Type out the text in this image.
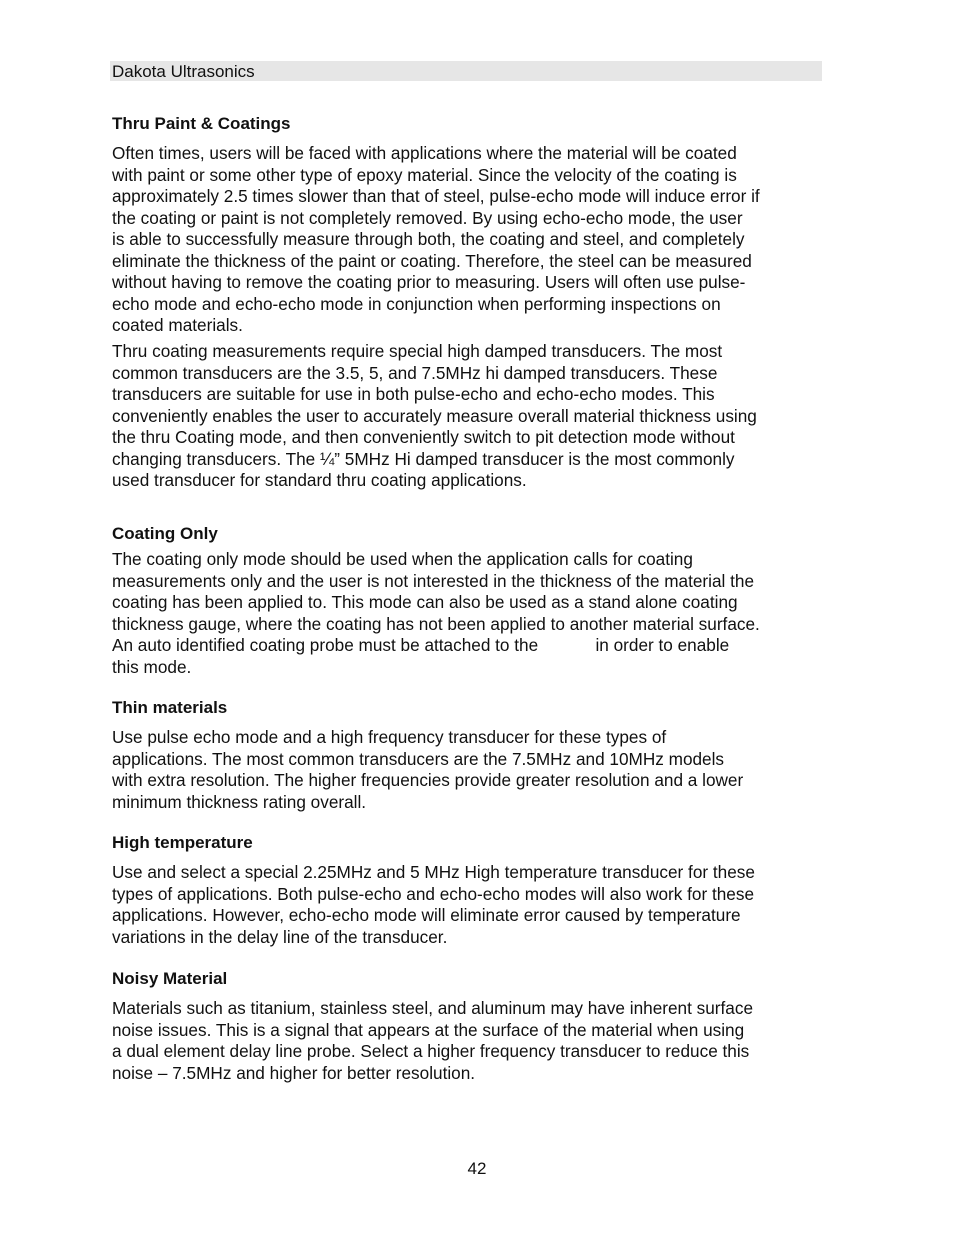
Dakota Ultrasonics
Thru Paint & Coatings
Often times, users will be faced with applications where the material will be coated
with paint or some other type of epoxy material. Since the velocity of the coating is
approximately 2.5 times slower than that of steel, pulse-echo mode will induce error if
the coating or paint is not completely removed. By using echo-echo mode, the user
is able to successfully measure through both, the coating and steel, and completely
eliminate the thickness of the paint or coating. Therefore, the steel can be measured
without having to remove the coating prior to measuring. Users will often use pulse-
echo mode and echo-echo mode in conjunction when performing inspections on
coated materials.
Thru coating measurements require special high damped transducers. The most
common transducers are the 3.5, 5, and 7.5MHz hi damped transducers. These
transducers are suitable for use in both pulse-echo and echo-echo modes. This
conveniently enables the user to accurately measure overall material thickness using
the thru Coating mode, and then conveniently switch to pit detection mode without
changing transducers. The ¼” 5MHz Hi damped transducer is the most commonly
used transducer for standard thru coating applications.
Coating Only
The coating only mode should be used when the application calls for coating
measurements only and the user is not interested in the thickness of the material the
coating has been applied to. This mode can also be used as a stand alone coating
thickness gauge, where the coating has not been applied to another material surface.
An auto identified coating probe must be attached to the            in order to enable
this mode.
Thin materials
Use pulse echo mode and a high frequency transducer for these types of
applications. The most common transducers are the 7.5MHz and 10MHz models
with extra resolution. The higher frequencies provide greater resolution and a lower
minimum thickness rating overall.
High temperature
Use and select a special 2.25MHz and 5 MHz High temperature transducer for these
types of applications. Both pulse-echo and echo-echo modes will also work for these
applications. However, echo-echo mode will eliminate error caused by temperature
variations in the delay line of the transducer.
Noisy Material
Materials such as titanium, stainless steel, and aluminum may have inherent surface
noise issues. This is a signal that appears at the surface of the material when using
a dual element delay line probe. Select a higher frequency transducer to reduce this
noise – 7.5MHz and higher for better resolution.
42
